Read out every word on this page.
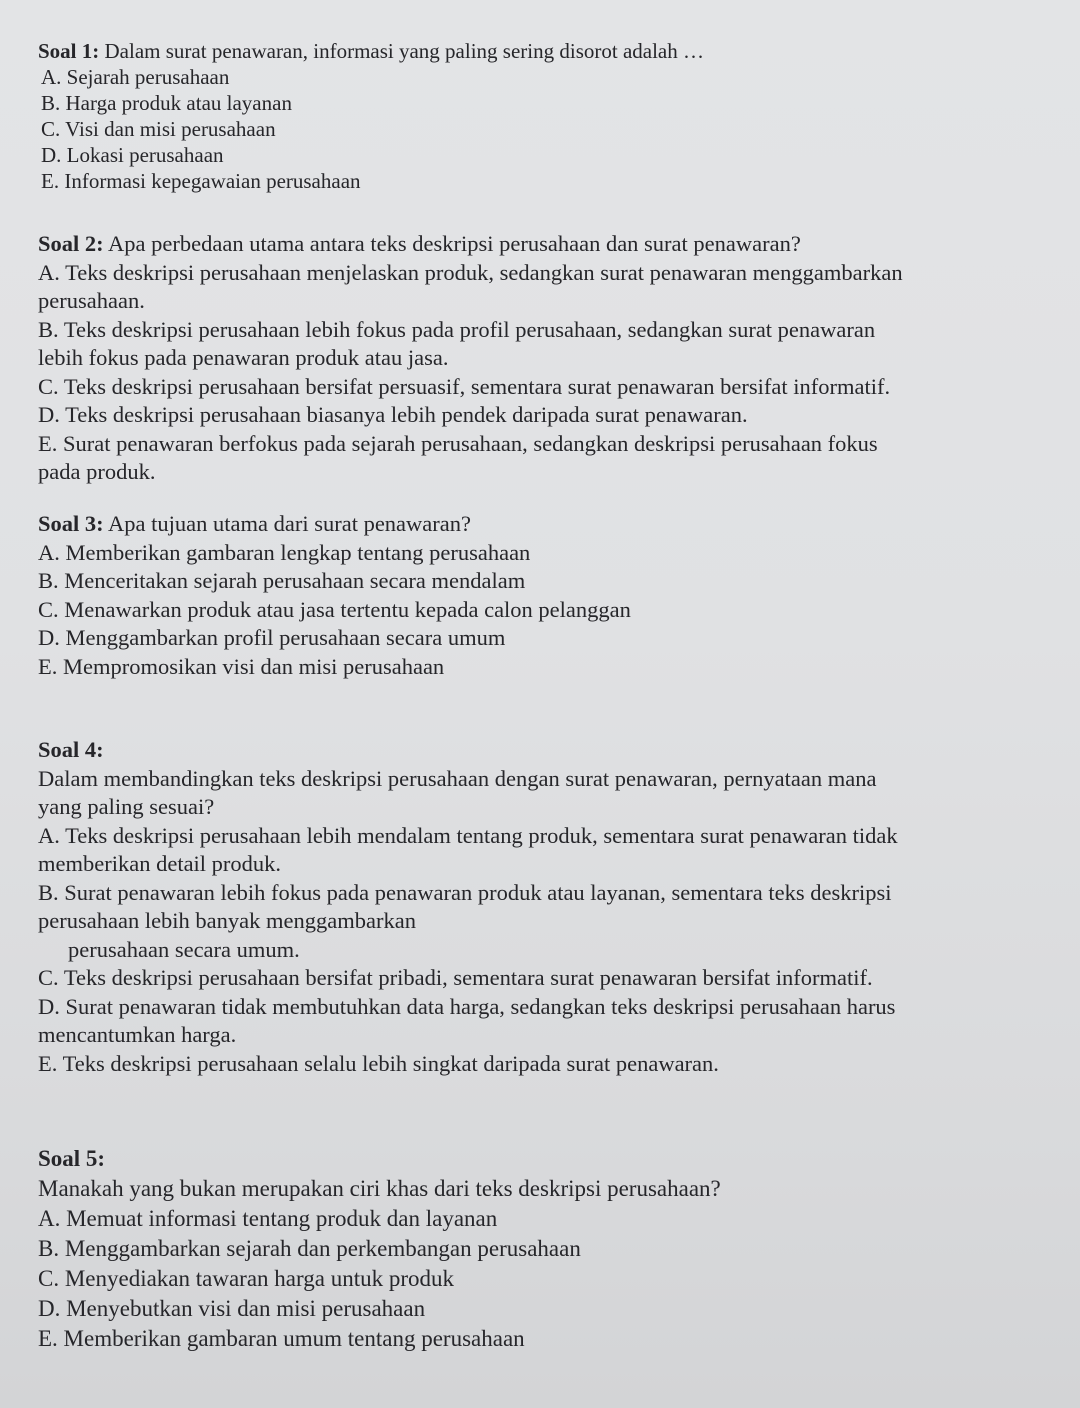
Soal 1: Dalam surat penawaran, informasi yang paling sering disorot adalah …
A. Sejarah perusahaan
B. Harga produk atau layanan
C. Visi dan misi perusahaan
D. Lokasi perusahaan
E. Informasi kepegawaian perusahaan
Soal 2: Apa perbedaan utama antara teks deskripsi perusahaan dan surat penawaran?
A. Teks deskripsi perusahaan menjelaskan produk, sedangkan surat penawaran menggambarkan
perusahaan.
B. Teks deskripsi perusahaan lebih fokus pada profil perusahaan, sedangkan surat penawaran
lebih fokus pada penawaran produk atau jasa.
C. Teks deskripsi perusahaan bersifat persuasif, sementara surat penawaran bersifat informatif.
D. Teks deskripsi perusahaan biasanya lebih pendek daripada surat penawaran.
E. Surat penawaran berfokus pada sejarah perusahaan, sedangkan deskripsi perusahaan fokus
pada produk.
Soal 3: Apa tujuan utama dari surat penawaran?
A. Memberikan gambaran lengkap tentang perusahaan
B. Menceritakan sejarah perusahaan secara mendalam
C. Menawarkan produk atau jasa tertentu kepada calon pelanggan
D. Menggambarkan profil perusahaan secara umum
E. Mempromosikan visi dan misi perusahaan
Soal 4:
Dalam membandingkan teks deskripsi perusahaan dengan surat penawaran, pernyataan mana
yang paling sesuai?
A. Teks deskripsi perusahaan lebih mendalam tentang produk, sementara surat penawaran tidak
memberikan detail produk.
B. Surat penawaran lebih fokus pada penawaran produk atau layanan, sementara teks deskripsi
perusahaan lebih banyak menggambarkan
perusahaan secara umum.
C. Teks deskripsi perusahaan bersifat pribadi, sementara surat penawaran bersifat informatif.
D. Surat penawaran tidak membutuhkan data harga, sedangkan teks deskripsi perusahaan harus
mencantumkan harga.
E. Teks deskripsi perusahaan selalu lebih singkat daripada surat penawaran.
Soal 5:
Manakah yang bukan merupakan ciri khas dari teks deskripsi perusahaan?
A. Memuat informasi tentang produk dan layanan
B. Menggambarkan sejarah dan perkembangan perusahaan
C. Menyediakan tawaran harga untuk produk
D. Menyebutkan visi dan misi perusahaan
E. Memberikan gambaran umum tentang perusahaan
